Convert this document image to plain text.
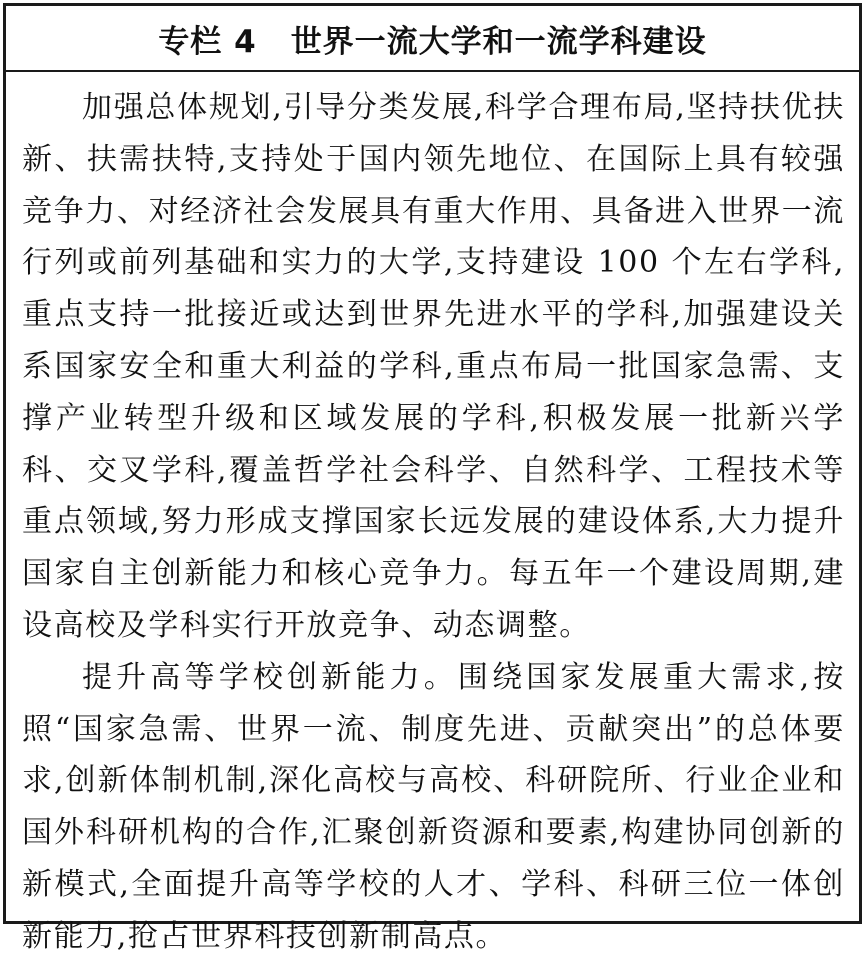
专栏 4 世界一流大学和一流学科建设

加强总体规划,引导分类发展,科学合理布局,坚持扶优扶新、扶需扶特,支持处于国内领先地位、在国际上具有较强竞争力、对经济社会发展具有重大作用、具备进入世界一流行列或前列基础和实力的大学,支持建设 100 个左右学科,重点支持一批接近或达到世界先进水平的学科,加强建设关系国家安全和重大利益的学科,重点布局一批国家急需、支撑产业转型升级和区域发展的学科,积极发展一批新兴学科、交叉学科,覆盖哲学社会科学、自然科学、工程技术等重点领域,努力形成支撑国家长远发展的建设体系,大力提升国家自主创新能力和核心竞争力。每五年一个建设周期,建设高校及学科实行开放竞争、动态调整。

提升高等学校创新能力。围绕国家发展重大需求,按照“国家急需、世界一流、制度先进、贡献突出”的总体要求,创新体制机制,深化高校与高校、科研院所、行业企业和国外科研机构的合作,汇聚创新资源和要素,构建协同创新的新模式,全面提升高等学校的人才、学科、科研三位一体创新能力,抢占世界科技创新制高点。
